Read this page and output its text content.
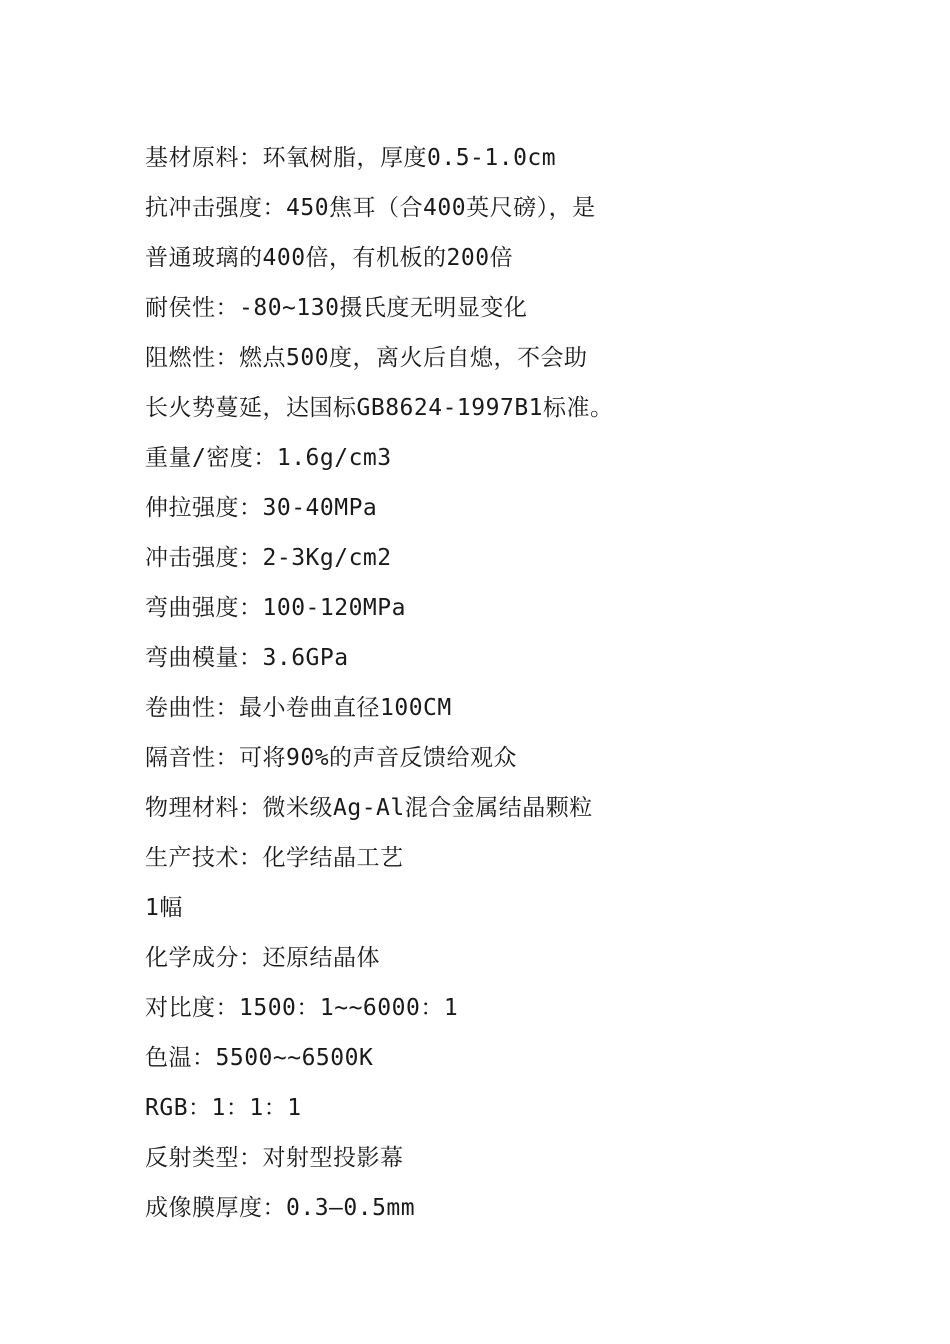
基材原料：环氧树脂，厚度0.5-1.0cm
抗冲击强度：450焦耳（合400英尺磅），是
普通玻璃的400倍，有机板的200倍
耐侯性：-80~130摄氏度无明显变化
阻燃性：燃点500度，离火后自熄，不会助
长火势蔓延，达国标GB8624-1997B1标准。
重量/密度：1.6g/cm3
伸拉强度：30-40MPa
冲击强度：2-3Kg/cm2
弯曲强度：100-120MPa
弯曲模量：3.6GPa
卷曲性：最小卷曲直径100CM
隔音性：可将90%的声音反馈给观众
物理材料：微米级Ag-Al混合金属结晶颗粒
生产技术：化学结晶工艺
1幅
化学成分：还原结晶体
对比度：1500：1~~6000：1
色温：5500~~6500K
RGB：1：1：1
反射类型：对射型投影幕
成像膜厚度：0.3—0.5mm
